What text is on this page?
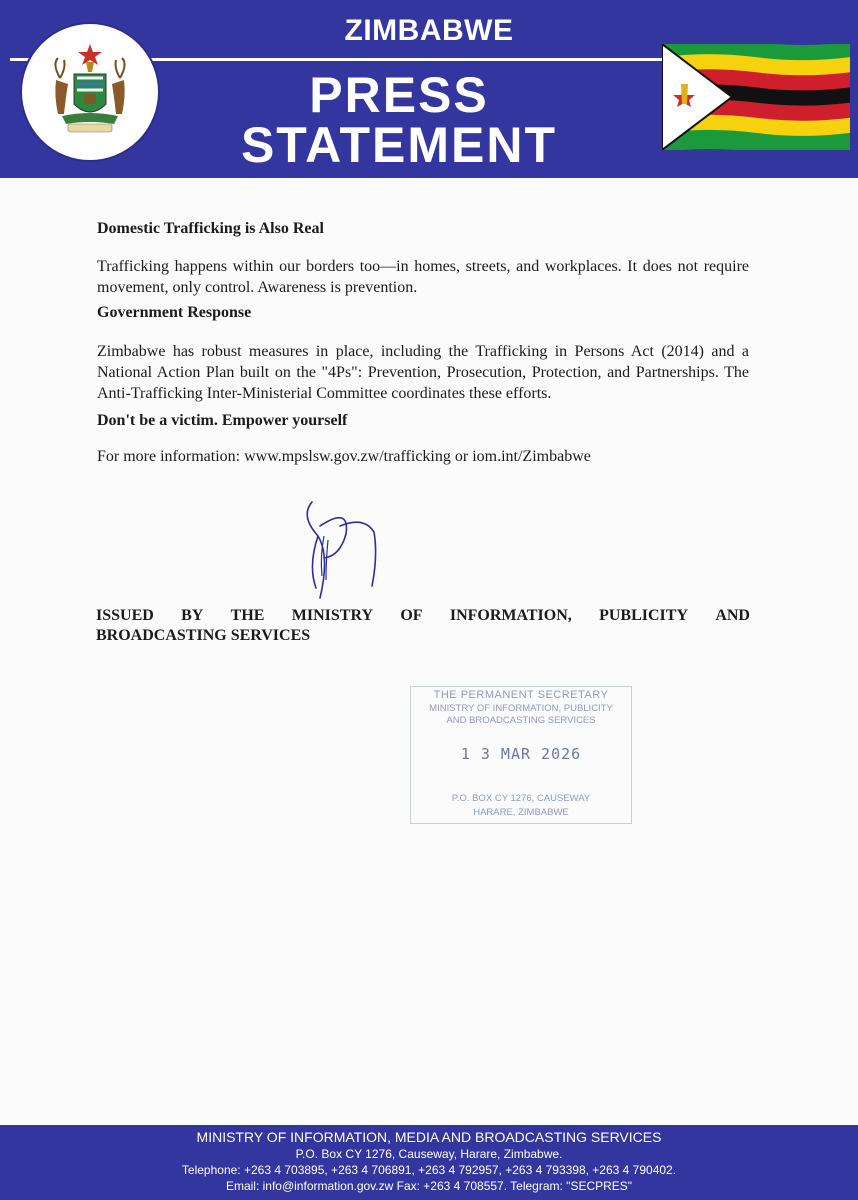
ZIMBABWE
PRESS
STATEMENT

Domestic Trafficking is Also Real

Trafficking happens within our borders too—in homes, streets, and workplaces. It does not require movement, only control. Awareness is prevention.

Government Response

Zimbabwe has robust measures in place, including the Trafficking in Persons Act (2014) and a National Action Plan built on the "4Ps": Prevention, Prosecution, Protection, and Partnerships. The Anti-Trafficking Inter-Ministerial Committee coordinates these efforts.

Don't be a victim. Empower yourself

For more information: www.mpslsw.gov.zw/trafficking or iom.int/Zimbabwe

ISSUED BY THE MINISTRY OF INFORMATION, PUBLICITY AND
BROADCASTING SERVICES
THE PERMANENT SECRETARY
MINISTRY OF INFORMATION, PUBLICITY
AND BROADCASTING SERVICES
1 3 MAR 2026
P.O. BOX CY 1276, CAUSEWAY
HARARE, ZIMBABWE
MINISTRY OF INFORMATION, MEDIA AND BROADCASTING SERVICES
P.O. Box CY 1276, Causeway, Harare, Zimbabwe.
Telephone: +263 4 703895, +263 4 706891, +263 4 792957, +263 4 793398, +263 4 790402.
Email: info@information.gov.zw Fax: +263 4 708557. Telegram: "SECPRES"
